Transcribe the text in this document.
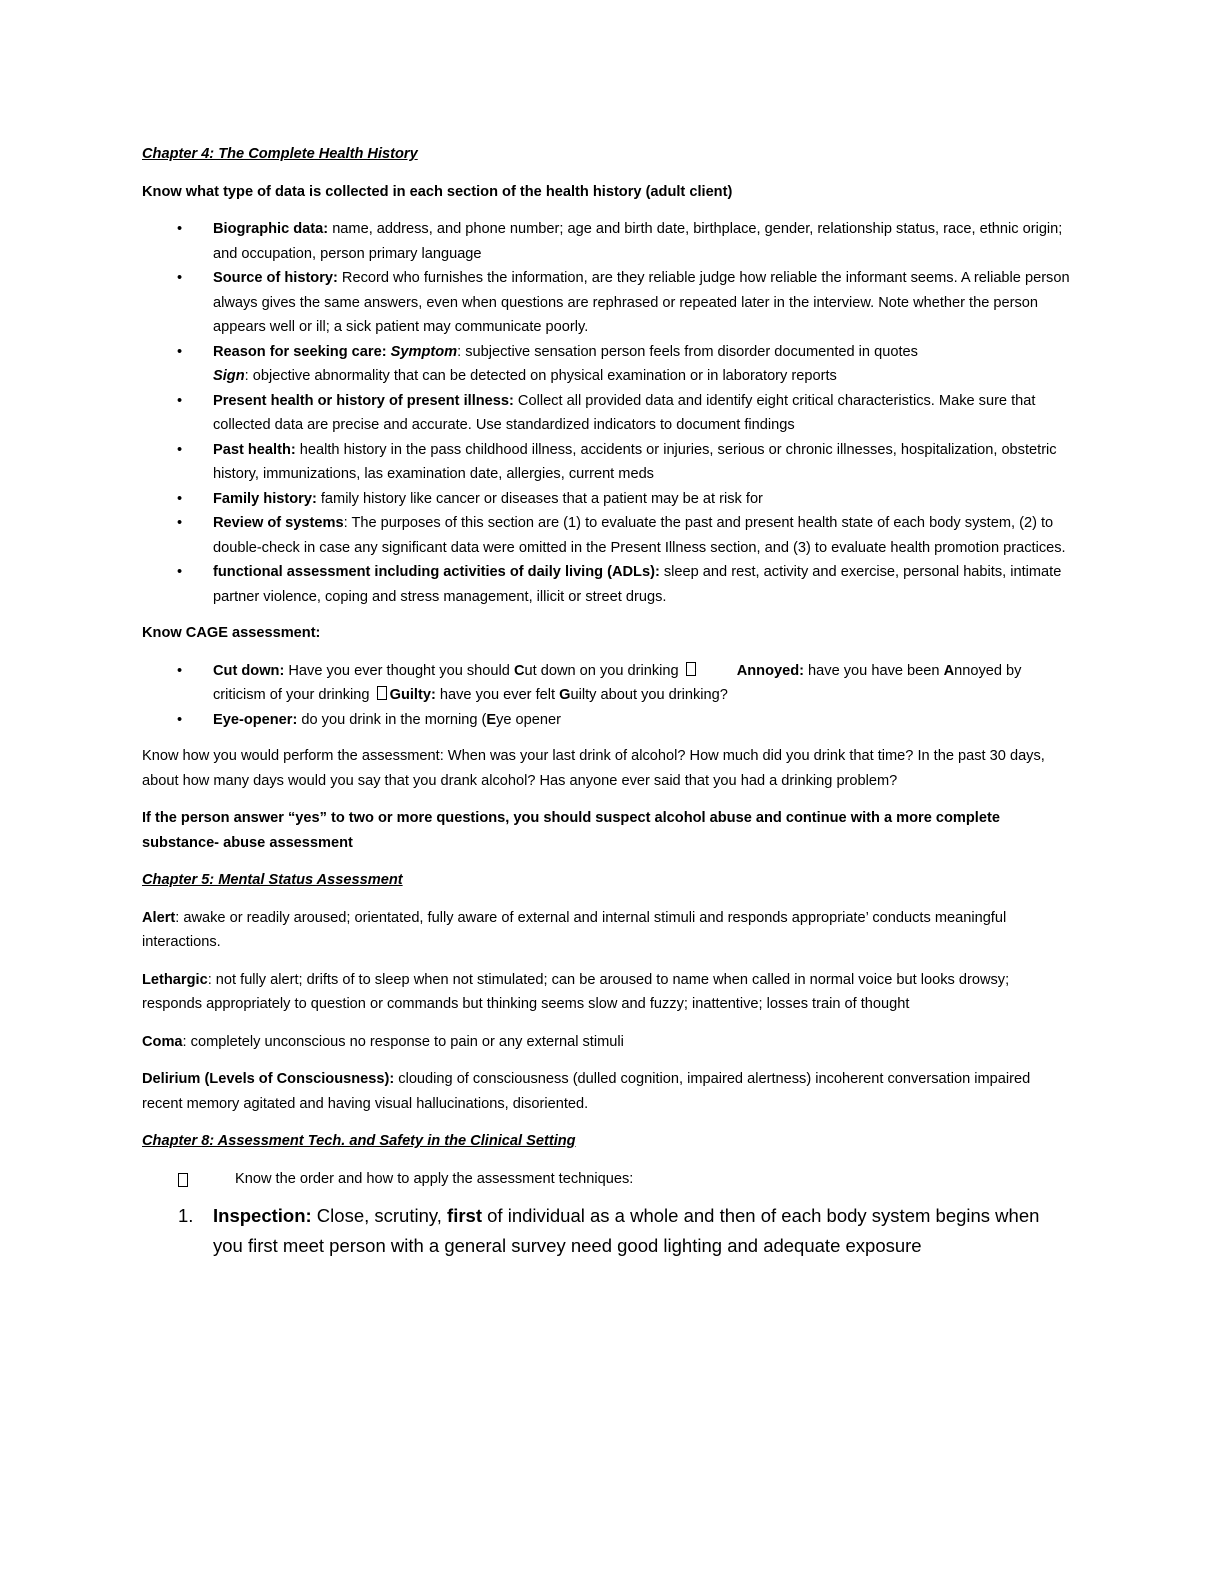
Chapter 4: The Complete Health History

Know what type of data is collected in each section of the health history (adult client)

• Biographic data: name, address, and phone number; age and birth date, birthplace, gender, relationship status, race, ethnic origin; and occupation, person primary language
• Source of history: Record who furnishes the information, are they reliable judge how reliable the informant seems. A reliable person always gives the same answers, even when questions are rephrased or repeated later in the interview. Note whether the person appears well or ill; a sick patient may communicate poorly.
• Reason for seeking care: Symptom: subjective sensation person feels from disorder documented in quotes
Sign: objective abnormality that can be detected on physical examination or in laboratory reports
• Present health or history of present illness: Collect all provided data and identify eight critical characteristics. Make sure that collected data are precise and accurate. Use standardized indicators to document findings
• Past health: health history in the pass childhood illness, accidents or injuries, serious or chronic illnesses, hospitalization, obstetric history, immunizations, las examination date, allergies, current meds
• Family history: family history like cancer or diseases that a patient may be at risk for
• Review of systems: The purposes of this section are (1) to evaluate the past and present health state of each body system, (2) to double-check in case any significant data were omitted in the Present Illness section, and (3) to evaluate health promotion practices.
• functional assessment including activities of daily living (ADLs): sleep and rest, activity and exercise, personal habits, intimate partner violence, coping and stress management, illicit or street drugs.

Know CAGE assessment:

• Cut down: Have you ever thought you should Cut down on you drinking	Annoyed: have you have been Annoyed by criticism of your drinking Guilty: have you ever felt Guilty about you drinking?
• Eye-opener: do you drink in the morning (Eye opener

Know how you would perform the assessment: When was your last drink of alcohol? How much did you drink that time? In the past 30 days, about how many days would you say that you drank alcohol? Has anyone ever said that you had a drinking problem?

If the person answer “yes” to two or more questions, you should suspect alcohol abuse and continue with a more complete substance- abuse assessment

Chapter 5: Mental Status Assessment

Alert: awake or readily aroused; orientated, fully aware of external and internal stimuli and responds appropriate’ conducts meaningful interactions.

Lethargic: not fully alert; drifts of to sleep when not stimulated; can be aroused to name when called in normal voice but looks drowsy; responds appropriately to question or commands but thinking seems slow and fuzzy; inattentive; losses train of thought

Coma: completely unconscious no response to pain or any external stimuli

Delirium (Levels of Consciousness): clouding of consciousness (dulled cognition, impaired alertness) incoherent conversation impaired recent memory agitated and having visual hallucinations, disoriented.

Chapter 8: Assessment Tech. and Safety in the Clinical Setting
Know the order and how to apply the assessment techniques:
1. Inspection: Close, scrutiny, first of individual as a whole and then of each body system begins when you first meet person with a general survey need good lighting and adequate exposure
